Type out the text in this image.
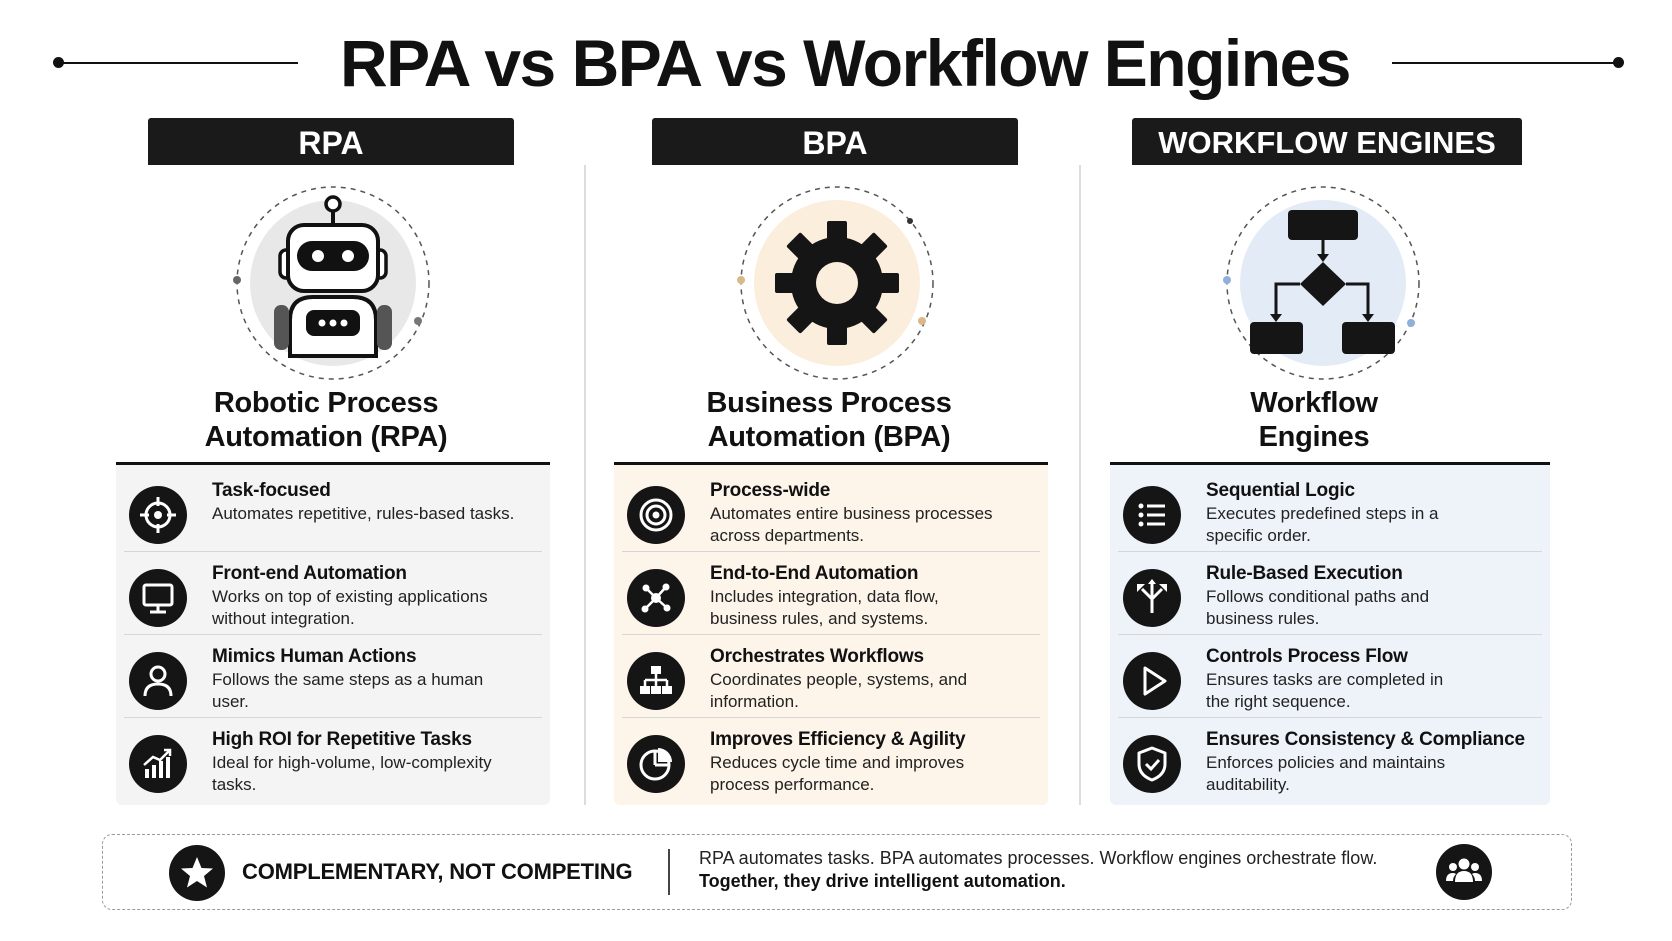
RPA vs BPA vs Workflow Engines
RPA
Robotic Process
Automation (RPA)
Task-focused
Automates repetitive, rules-based tasks.
Front-end Automation
Works on top of existing applications
without integration.
Mimics Human Actions
Follows the same steps as a human
user.
High ROI for Repetitive Tasks
Ideal for high-volume, low-complexity
tasks.
BPA
Business Process
Automation (BPA)
Process-wide
Automates entire business processes
across departments.
End-to-End Automation
Includes integration, data flow,
business rules, and systems.
Orchestrates Workflows
Coordinates people, systems, and
information.
Improves Efficiency & Agility
Reduces cycle time and improves
process performance.
WORKFLOW ENGINES
Workflow
Engines
Sequential Logic
Executes predefined steps in a
specific order.
Rule-Based Execution
Follows conditional paths and
business rules.
Controls Process Flow
Ensures tasks are completed in
the right sequence.
Ensures Consistency & Compliance
Enforces policies and maintains
auditability.
COMPLEMENTARY, NOT COMPETING
RPA automates tasks. BPA automates processes. Workflow engines orchestrate flow.
Together, they drive intelligent automation.
